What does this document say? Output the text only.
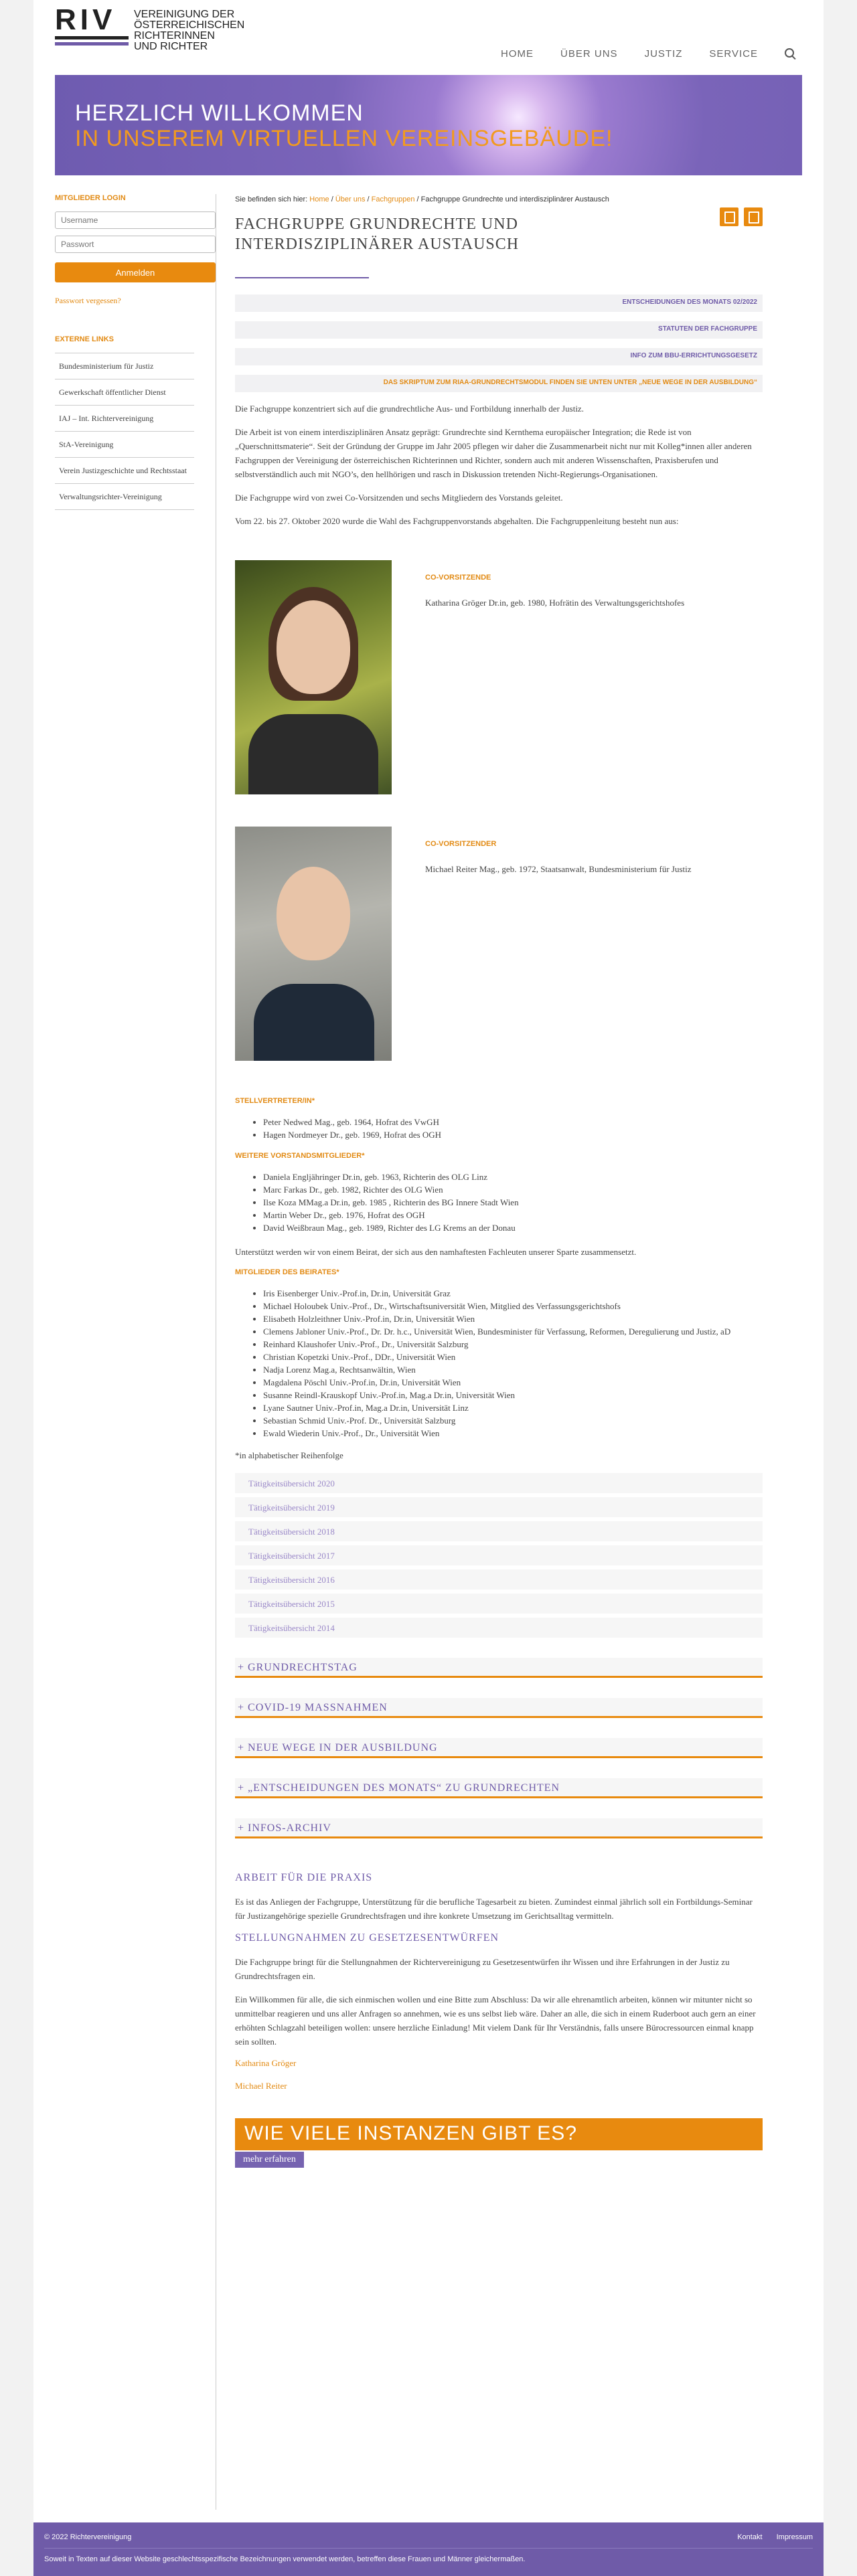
RIV	VEREINIGUNG DER
ÖSTERREICHISCHEN
RICHTERINNEN
UND RICHTER
HOME	ÜBER UNS	JUSTIZ	SERVICE
HERZLICH WILLKOMMEN
IN UNSEREM VIRTUELLEN VEREINSGEBÄUDE!
MITGLIEDER LOGIN
Username
Anmelden
Passwort vergessen?
EXTERNE LINKS
Bundesministerium für Justiz
Gewerkschaft öffentlicher Dienst
IAJ – Int. Richtervereinigung
StA-Vereinigung
Verein Justizgeschichte und Rechtsstaat
Verwaltungsrichter-Vereinigung
Sie befinden sich hier: Home / Über uns / Fachgruppen / Fachgruppe Grundrechte und interdisziplinärer Austausch
FACHGRUPPE GRUNDRECHTE UND INTERDISZIPLINÄRER AUSTAUSCH
ENTSCHEIDUNGEN DES MONATS 02/2022
STATUTEN DER FACHGRUPPE
INFO ZUM BBU-ERRICHTUNGSGESETZ
DAS SKRIPTUM ZUM RIAA-GRUNDRECHTSMODUL FINDEN SIE UNTEN UNTER „NEUE WEGE IN DER AUSBILDUNG“

Die Fachgruppe konzentriert sich auf die grundrechtliche Aus- und Fortbildung innerhalb der Justiz.

Die Arbeit ist von einem interdisziplinären Ansatz geprägt: Grundrechte sind Kernthema europäischer Integration; die Rede ist von „Querschnittsmaterie“. Seit der Gründung der Gruppe im Jahr 2005 pflegen wir daher die Zusammenarbeit nicht nur mit Kolleg*innen aller anderen Fachgruppen der Vereinigung der österreichischen Richterinnen und Richter, sondern auch mit anderen Wissenschaften, Praxisberufen und selbstverständlich auch mit NGO’s, den hellhörigen und rasch in Diskussion tretenden Nicht-Regierungs-Organisationen.

Die Fachgruppe wird von zwei Co-Vorsitzenden und sechs Mitgliedern des Vorstands geleitet.

Vom 22. bis 27. Oktober 2020 wurde die Wahl des Fachgruppenvorstands abgehalten. Die Fachgruppenleitung besteht nun aus:

CO-VORSITZENDE
Katharina Gröger Dr.in, geb. 1980, Hofrätin des Verwaltungsgerichtshofes
CO-VORSITZENDER
Michael Reiter Mag., geb. 1972, Staatsanwalt, Bundesministerium für Justiz
STELLVERTRETER/IN*
• Peter Nedwed Mag., geb. 1964, Hofrat des VwGH
• Hagen Nordmeyer Dr., geb. 1969, Hofrat des OGH
WEITERE VORSTANDSMITGLIEDER*
• Daniela Engljähringer Dr.in, geb. 1963, Richterin des OLG Linz
• Marc Farkas Dr., geb. 1982, Richter des OLG Wien
• Ilse Koza MMag.a Dr.in, geb. 1985 , Richterin des BG Innere Stadt Wien
• Martin Weber Dr., geb. 1976, Hofrat des OGH
• David Weißbraun Mag., geb. 1989, Richter des LG Krems an der Donau

Unterstützt werden wir von einem Beirat, der sich aus den namhaftesten Fachleuten unserer Sparte zusammensetzt.

MITGLIEDER DES BEIRATES*
• Iris Eisenberger Univ.-Prof.in, Dr.in, Universität Graz
• Michael Holoubek Univ.-Prof., Dr., Wirtschaftsuniversität Wien, Mitglied des Verfassungsgerichtshofs
• Elisabeth Holzleithner Univ.-Prof.in, Dr.in, Universität Wien
• Clemens Jabloner Univ.-Prof., Dr. Dr. h.c., Universität Wien, Bundesminister für Verfassung, Reformen, Deregulierung und Justiz, aD
• Reinhard Klaushofer Univ.-Prof., Dr., Universität Salzburg
• Christian Kopetzki Univ.-Prof., DDr., Universität Wien
• Nadja Lorenz Mag.a, Rechtsanwältin, Wien
• Magdalena Pöschl Univ.-Prof.in, Dr.in, Universität Wien
• Susanne Reindl-Krauskopf Univ.-Prof.in, Mag.a Dr.in, Universität Wien
• Lyane Sautner Univ.-Prof.in, Mag.a Dr.in, Universität Linz
• Sebastian Schmid Univ.-Prof. Dr., Universität Salzburg
• Ewald Wiederin Univ.-Prof., Dr., Universität Wien
*in alphabetischer Reihenfolge
Tätigkeitsübersicht 2020
Tätigkeitsübersicht 2019
Tätigkeitsübersicht 2018
Tätigkeitsübersicht 2017
Tätigkeitsübersicht 2016
Tätigkeitsübersicht 2015
Tätigkeitsübersicht 2014
+ GRUNDRECHTSTAG
+ COVID-19 MASSNAHMEN
+ NEUE WEGE IN DER AUSBILDUNG
+ „ENTSCHEIDUNGEN DES MONATS“ ZU GRUNDRECHTEN
+ INFOS-ARCHIV
ARBEIT FÜR DIE PRAXIS

Es ist das Anliegen der Fachgruppe, Unterstützung für die berufliche Tagesarbeit zu bieten. Zumindest einmal jährlich soll ein Fortbildungs-Seminar für Justizangehörige spezielle Grundrechtsfragen und ihre konkrete Umsetzung im Gerichtsalltag vermitteln.

STELLUNGNAHMEN ZU GESETZESENTWÜRFEN

Die Fachgruppe bringt für die Stellungnahmen der Richtervereinigung zu Gesetzesentwürfen ihr Wissen und ihre Erfahrungen in der Justiz zu Grundrechtsfragen ein.

Ein Willkommen für alle, die sich einmischen wollen und eine Bitte zum Abschluss: Da wir alle ehrenamtlich arbeiten, können wir mitunter nicht so unmittelbar reagieren und uns aller Anfragen so annehmen, wie es uns selbst lieb wäre. Daher an alle, die sich in einem Ruderboot auch gern an einer erhöhten Schlagzahl beteiligen wollen: unsere herzliche Einladung! Mit vielem Dank für Ihr Verständnis, falls unsere Bürocressourcen einmal knapp sein sollten.

Katharina Gröger
Michael Reiter
WIE VIELE INSTANZEN GIBT ES?
mehr erfahren
© 2022 Richtervereinigung	Kontakt Impressum
Soweit in Texten auf dieser Website geschlechtsspezifische Bezeichnungen verwendet werden, betreffen diese Frauen und Männer gleichermaßen.
